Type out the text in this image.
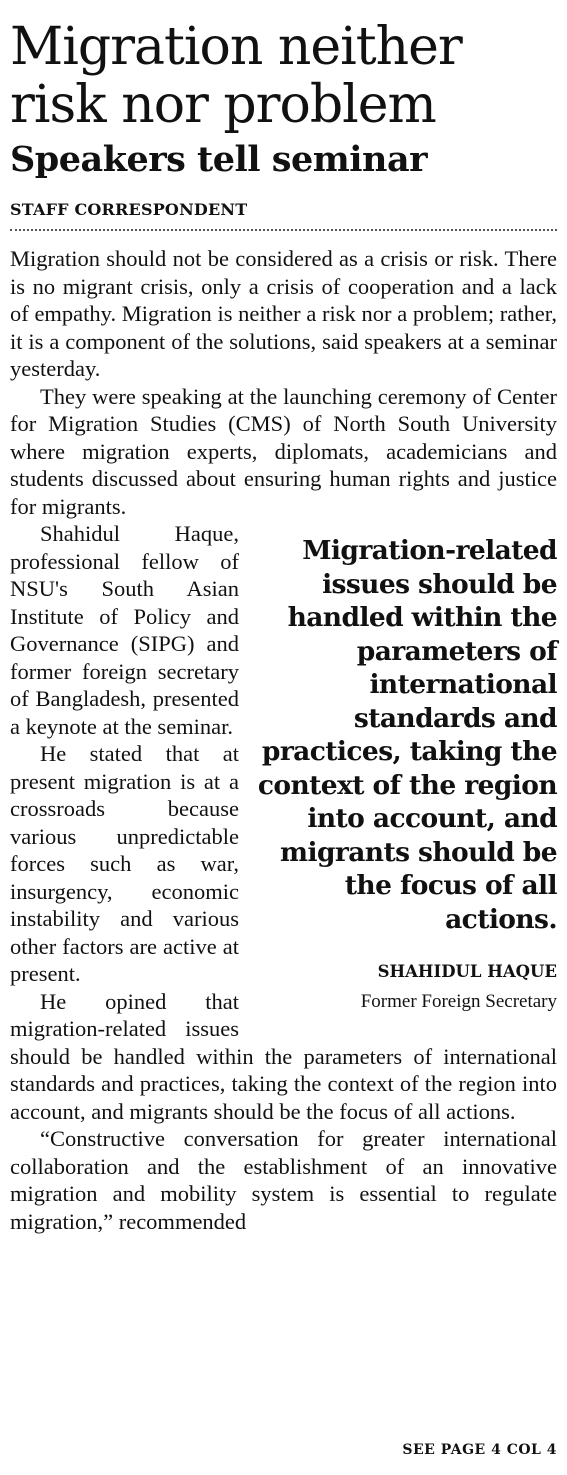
Migration neither risk nor problem
Speakers tell seminar
STAFF CORRESPONDENT

Migration should not be considered as a crisis or risk. There is no migrant crisis, only a crisis of cooperation and a lack of empathy. Migration is neither a risk nor a problem; rather, it is a component of the solutions, said speakers at a seminar yesterday.

They were speaking at the launching ceremony of Center for Migration Studies (CMS) of North South University where migration experts, diplomats, academicians and students discussed about ensuring human rights and justice for migrants.

Migration-related issues should be handled within the parameters of international standards and practices, taking the context of the region into account, and migrants should be the focus of all actions.
SHAHIDUL HAQUE
Former Foreign Secretary

Shahidul Haque, professional fellow of NSU's South Asian Institute of Policy and Governance (SIPG) and former foreign secretary of Bangladesh, presented a keynote at the seminar.

He stated that at present migration is at a crossroads because various unpredictable forces such as war, insurgency, economic instability and various other factors are active at present.

He opined that migration-related issues should be handled within the parameters of international standards and practices, taking the context of the region into account, and migrants should be the focus of all actions.

“Constructive conversation for greater international collaboration and the establishment of an innovative migration and mobility system is essential to regulate migration,” recommended

SEE PAGE 4 COL 4
